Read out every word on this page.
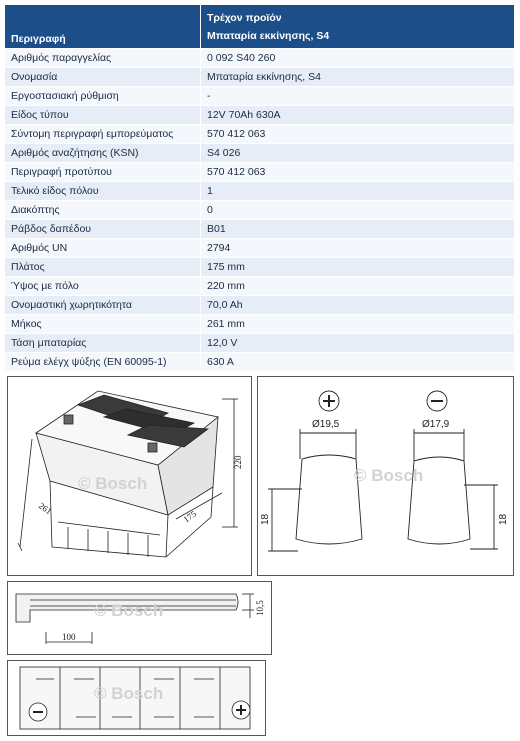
Περιγραφή	Τρέχον προϊόν
Μπαταρία εκκίνησης, S4

Αριθμός παραγγελίας	0 092 S40 260
Ονομασία	Μπαταρία εκκίνησης, S4
Εργοστασιακή ρύθμιση	-
Είδος τύπου	12V 70Ah 630A
Σύντομη περιγραφή εμπορεύματος	570 412 063
Αριθμός αναζήτησης (KSN)	S4 026
Περιγραφή προτύπου	570 412 063
Τελικό είδος πόλου	1
Διακόπτης	0
Ράβδος δαπέδου	B01
Αριθμός UN	2794
Πλάτος	175 mm
Ύψος με πόλο	220 mm
Ονομαστική χωρητικότητα	70,0 Ah
Μήκος	261 mm
Τάση μπαταρίας	12,0 V
Ρεύμα ελέγχ ψύξης (EN 60095-1)	630 A
261
175
220
© Bosch
Ø19,5	Ø17,9
18	18
© Bosch
100
10,5
© Bosch
© Bosch
